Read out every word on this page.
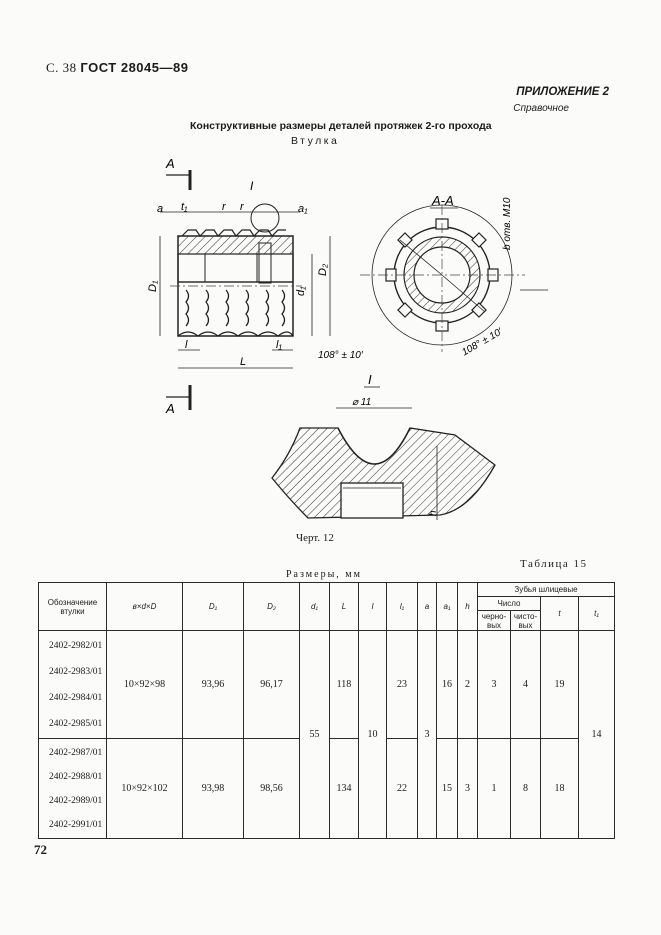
С. 38 ГОСТ 28045—89
ПРИЛОЖЕНИЕ 2
Справочное
Конструктивные размеры деталей протяжек 2-го прохода
Втулка
A
A
a t₁	r r	a₁
D₁	d₁
D₂
l	l₁
L
I
A-A	b отв. M10
108° ± 10′	108° ± 10′
I
⌀ 11
h
Черт. 12
Таблица 15
Размеры, мм
Обозначение втулки	в×d×D	D₁	D₂	d₁	L	l	l₁	a	a₁	h	Зубья шлицевые			
											Число		t	t₁
											черно-вых	чисто-вых		

2402-2982/01
2402-2983/01
2402-2984/01
2402-2985/01	10×92×98	93,96	96,17	55	118	10	23	3	16	2	3	4	19	14

2402-2987/01
2402-2988/01
2402-2989/01
2402-2991/01	10×92×102	93,98	98,56		134		22		15	3	1	8	18	
72
